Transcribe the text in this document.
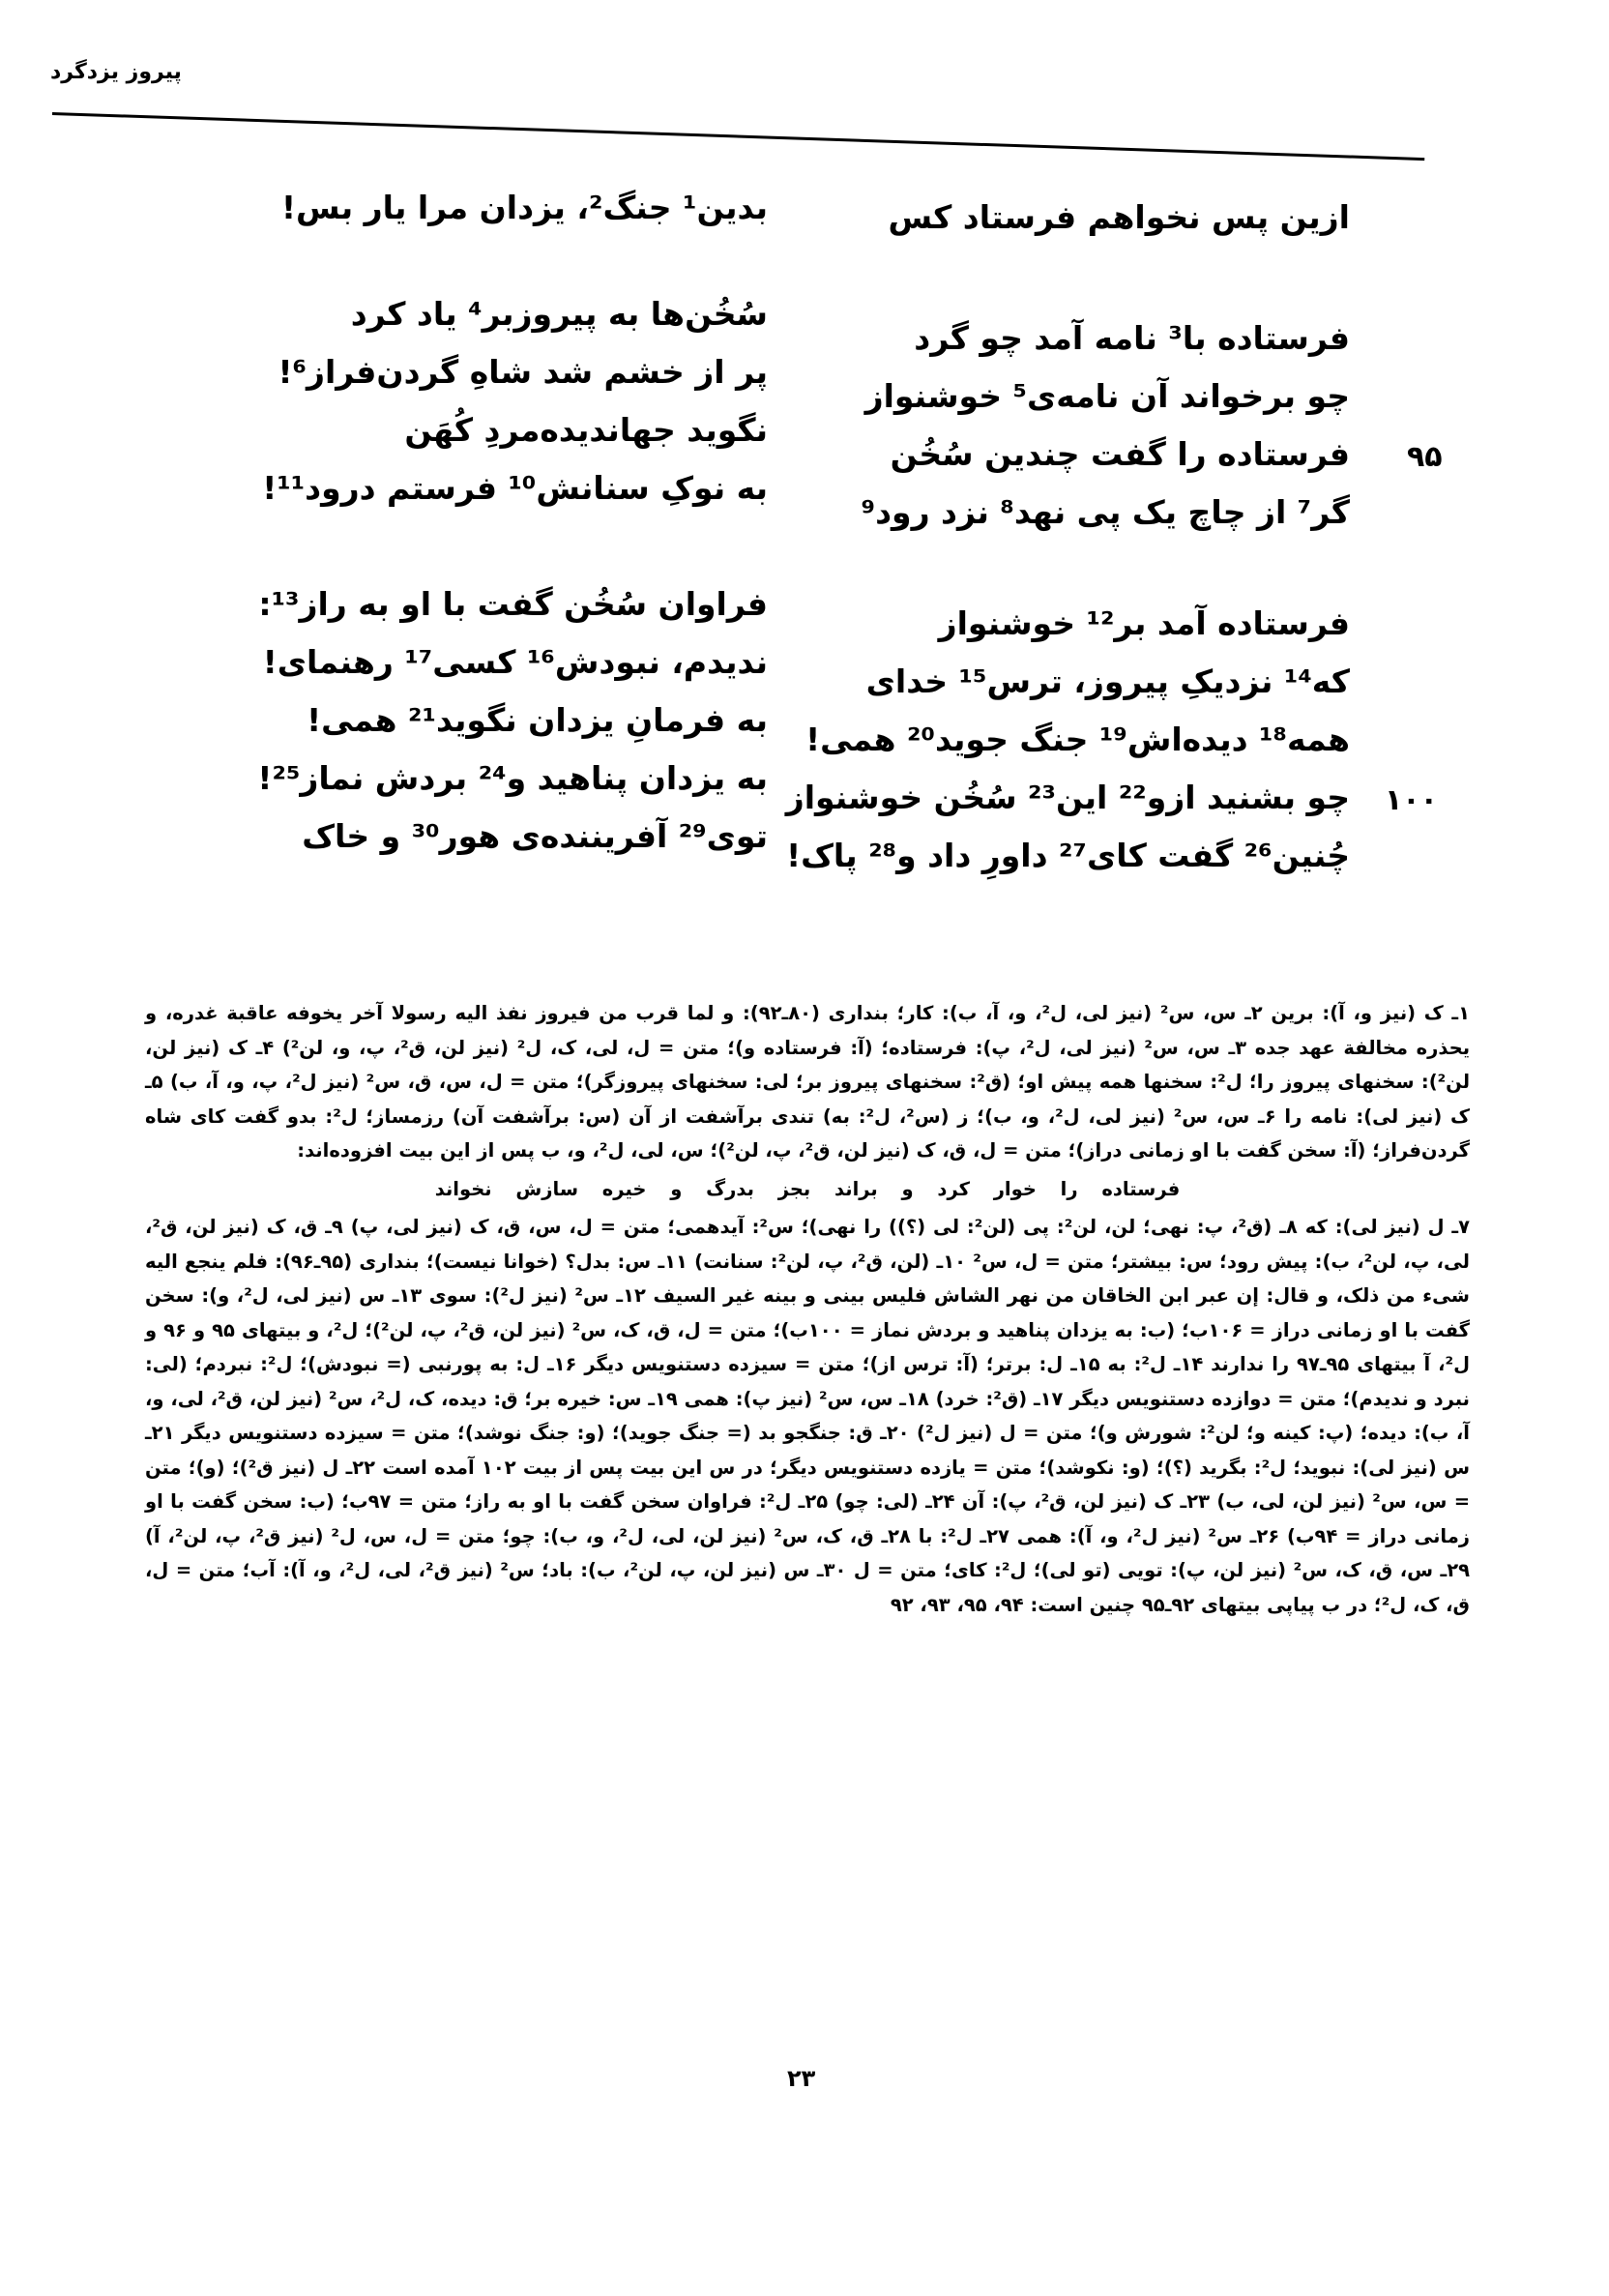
پیروز یزدگرد
ازین پس نخواهم فرستاد کس
فرستاده با³ نامه آمد چو گرد
چو برخواند آن نامه‌ی⁵ خوشنواز
فرستاده را گفت چندین سُخُن
گر⁷ از چاچ یک پی نهد⁸ نزد رود⁹
فرستاده آمد بر¹² خوشنواز
که¹⁴ نزدیکِ پیروز، ترس¹⁵ خدای
همه¹⁸ دیده‌اش¹⁹ جنگ جوید²⁰ همی!
چو بشنید ازو²² این²³ سُخُن خوشنواز
چُنین²⁶ گفت کای²⁷ داورِ داد و²⁸ پاک!
۹۵
۱۰۰
بدین¹ جنگ²، یزدان مرا یار بس!
سُخُن‌ها به پیروزبر⁴ یاد کرد
پر از خشم شد شاهِ گردن‌فراز⁶!
نگوید جهاندیده‌مردِ کُهَن
به نوکِ سنانش¹⁰ فرستم درود¹¹!
فراوان سُخُن گفت با او به راز¹³:
ندیدم، نبودش¹⁶ کسی¹⁷ رهنمای!
به فرمانِ یزدان نگوید²¹ همی!
به یزدان پناهید و²⁴ بردش نماز²⁵!
توی²⁹ آفریننده‌ی هور³⁰ و خاک

۱ـ ک (نیز و، آ): برین ۲ـ س، س² (نیز لی، ل²، و، آ، ب): کار؛ بنداری (۸۰ـ۹۲): و لما قرب من فیروز نفذ الیه رسولا آخر یخوفه عاقبة غدره، و یحذره مخالفة عهد جده ۳ـ س، س² (نیز لی، ل²، پ): فرستاده؛ (آ: فرستاده و)؛ متن = ل، لی، ک، ل² (نیز لن، ق²، پ، و، لن²) ۴ـ ک (نیز لن، لن²): سخنهای پیروز را؛ ل²: سخنها همه پیش او؛ (ق²: سخنهای پیروز بر؛ لی: سخنهای پیروزگر)؛ متن = ل، س، ق، س² (نیز ل²، پ، و، آ، ب) ۵ـ ک (نیز لی): نامه را ۶ـ س، س² (نیز لی، ل²، و، ب)؛ ز (س²، ل²: به) تندی برآشفت از آن (س: برآشفت آن) رزمساز؛ ل²: بدو گفت کای شاه گردن‌فراز؛ (آ: سخن گفت با او زمانی دراز)؛ متن = ل، ق، ک (نیز لن، ق²، پ، لن²)؛ س، لی، ل²، و، ب پس از این بیت افزوده‌اند:

فرستاده را خوار کرد و براند بجز بدرگ و خیره سازش نخواند

۷ـ ل (نیز لی): که ۸ـ (ق²، پ: نهی؛ لن، لن²: پی (لن²: لی (؟)) را نهی)؛ س²: آیدهمی؛ متن = ل، س، ق، ک (نیز لی، پ) ۹ـ ق، ک (نیز لن، ق²، لی، پ، لن²، ب): پیش رود؛ س: بیشتر؛ متن = ل، س² ۱۰ـ (لن، ق²، پ، لن²: سنانت) ۱۱ـ س: بدل؟ (خوانا نیست)؛ بنداری (۹۵ـ۹۶): فلم ینجع الیه شیء من ذلک، و قال: إن عبر ابن الخاقان من نهر الشاش فلیس بینی و بینه غیر السیف ۱۲ـ س² (نیز ل²): سوی ۱۳ـ س (نیز لی، ل²، و): سخن گفت با او زمانی دراز = ۱۰۶ب؛ (ب: به یزدان پناهید و بردش نماز = ۱۰۰ب)؛ متن = ل، ق، ک، س² (نیز لن، ق²، پ، لن²)؛ ل²، و بیتهای ۹۵ و ۹۶ و ل²، آ بیتهای ۹۵ـ۹۷ را ندارند ۱۴ـ ل²: به ۱۵ـ ل: برتر؛ (آ: ترس از)؛ متن = سیزده دستنویس دیگر ۱۶ـ ل: به پورنبی (= نبودش)؛ ل²: نبردم؛ (لی: نبرد و ندیدم)؛ متن = دوازده دستنویس دیگر ۱۷ـ (ق²: خرد) ۱۸ـ س، س² (نیز پ): همی ۱۹ـ س: خیره بر؛ ق: دیده، ک، ل²، س² (نیز لن، ق²، لی، و، آ، ب): دیده؛ (پ: کینه و؛ لن²: شورش و)؛ متن = ل (نیز ل²) ۲۰ـ ق: جنگجو بد (= جنگ جوید)؛ (و: جنگ نوشد)؛ متن = سیزده دستنویس دیگر ۲۱ـ س (نیز لی): نبوید؛ ل²: بگرید (؟)؛ (و: نکوشد)؛ متن = یازده دستنویس دیگر؛ در س این بیت پس از بیت ۱۰۲ آمده است ۲۲ـ ل (نیز ق²)؛ (و)؛ متن = س، س² (نیز لن، لی، ب) ۲۳ـ ک (نیز لن، ق²، پ): آن ۲۴ـ (لی: چو) ۲۵ـ ل²: فراوان سخن گفت با او به راز؛ متن = ۹۷ب؛ (ب: سخن گفت با او زمانی دراز = ۹۴ب) ۲۶ـ س² (نیز ل²، و، آ): همی ۲۷ـ ل²: با ۲۸ـ ق، ک، س² (نیز لن، لی، ل²، و، ب): چو؛ متن = ل، س، ل² (نیز ق²، پ، لن²، آ) ۲۹ـ س، ق، ک، س² (نیز لن، پ): تویی (تو لی)؛ ل²: کای؛ متن = ل ۳۰ـ س (نیز لن، پ، لن²، ب): باد؛ س² (نیز ق²، لی، ل²، و، آ): آب؛ متن = ل، ق، ک، ل²؛ در ب پیاپی بیتهای ۹۲ـ۹۵ چنین است: ۹۴، ۹۵، ۹۳، ۹۲

۲۳
